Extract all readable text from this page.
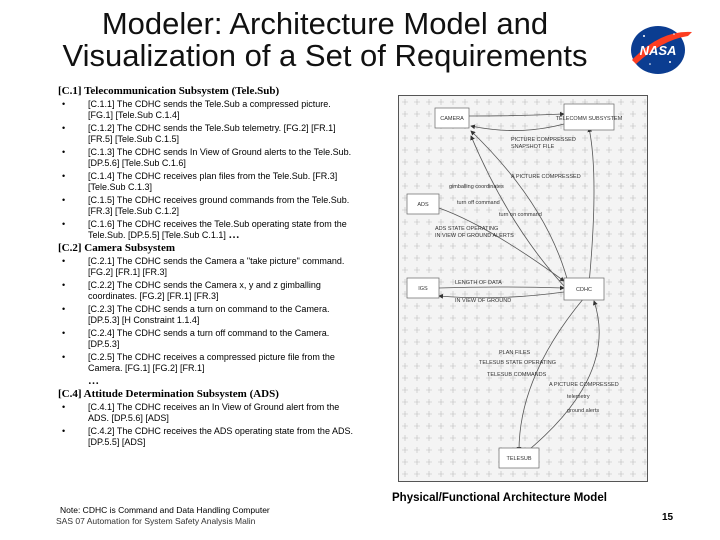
Modeler: Architecture Model and
Visualization of a Set of Requirements	NASA

[C.1] Telecommunication Subsystem (Tele.Sub)

•	[C.1.1] The CDHC sends the Tele.Sub a compressed picture. [FG.1] [Tele.Sub C.1.4]
•	[C.1.2] The CDHC sends the Tele.Sub telemetry. [FG.2] [FR.1] [FR.5] [Tele.Sub C.1.5]
•	[C.1.3] The CDHC sends In View of Ground alerts to the Tele.Sub. [DP.5.6] [Tele.Sub C.1.6]
•	[C.1.4] The CDHC receives plan files from the Tele.Sub. [FR.3] [Tele.Sub C.1.3]
•	[C.1.5] The CDHC receives ground commands from the Tele.Sub. [FR.3] [Tele.Sub C.1.2]
•	[C.1.6] The CDHC receives the Tele.Sub operating state from the Tele.Sub. [DP.5.5] [Tele.Sub C.1.1] …

[C.2] Camera Subsystem

•	[C.2.1] The CDHC sends the Camera a "take picture" command. [FG.2] [FR.1] [FR.3]
•	[C.2.2] The CDHC sends the Camera x, y and z gimballing coordinates. [FG.2] [FR.1] [FR.3]
•	[C.2.3] The CDHC sends a turn on command to the Camera. [DP.5.3] [H Constraint 1.1.4]
•	[C.2.4] The CDHC sends a turn off command to the Camera. [DP.5.3]
•	[C.2.5] The CDHC receives a compressed picture file from the Camera. [FG.1] [FG.2] [FR.1]

…

[C.4] Attitude Determination Subsystem (ADS)

•	[C.4.1] The CDHC receives an In View of Ground alert from the ADS. [DP.5.6] [ADS]
•	[C.4.2] The CDHC receives the ADS operating state from the ADS. [DP.5.5] [ADS]
Note: CDHC is Command and Data Handling Computer
SAS 07 Automation for System Safety Analysis Malin
CAMERA	TELECOMM SUBSYSTEM
ADS
IGS	CDHC
TELESUB
PICTURE COMPRESSED
SNAPSHOT FILE
A PICTURE COMPRESSED
gimballing coordinates
turn off command
turn on command
ADS STATE OPERATING
IN VIEW OF GROUND ALERTS
LENGTH OF DATA
IN VIEW OF GROUND
PLAN FILES
TELESUB STATE OPERATING
TELESUB COMMANDS
A PICTURE COMPRESSED
telemetry
ground alerts
Physical/Functional Architecture Model
15
